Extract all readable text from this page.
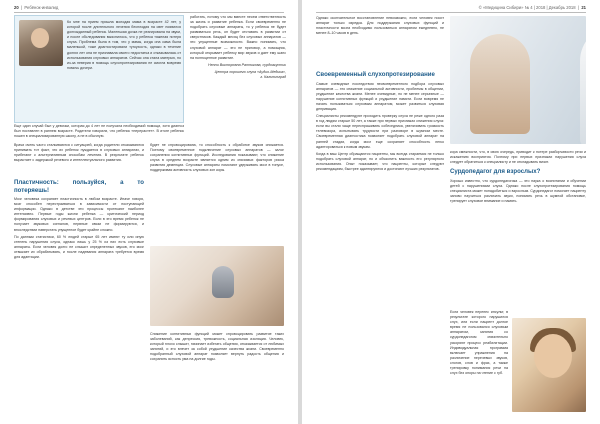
20  |  Ребёнок-инвалид

Ко мне на прием пришла молодая мама в возрасте 42 лет, у которой после длительного лечения бесплодия на свет появился долгожданный ребенок. Маленькая дочка не реагировала на звуки, и после обследования выяснилось, что у ребенка тяжелая потеря слуха. Проблема была в том, что у мамы, когда она сама была маленькой, тоже диагностировали тугоухость, однако в течение долгих лет она не признавала своего недостатка и отказывалась от использования слуховых аппаратов. Сейчас она стала матерью, но из-за неверия в помощь слухопротезирования не смогла вовремя помочь дочери.

Еще один случай был у девочки, которая до 4 лет не получала необходимой помощи, хотя диагноз был поставлен в раннем возрасте. Родители говорили, что ребенок «перерастет». В итоге ребенок пошел в специализированную школу, а не в обычную.

работать, потому что мы вместе несем ответственность за жизнь и развитие ребенка. Если своевременно не подобрать слуховые аппараты, то у ребенка не будет развиваться речь, он будет отставать в развитии от сверстников. Каждый месяц без слуховых аппаратов — это упущенные возможности. Важно понимать, что слуховой аппарат — это не приговор, а помощник, который открывает ребенку мир звуков и дает ему шанс на полноценное развитие.

Нелли Викторовна Ратникова, сурдоакустик

Центра хорошего слуха «Аудио-Медика»,

г. Калининград

Врачи очень часто сталкиваются с ситуацией, когда родители отказываются принимать тот факт, что их ребенок нуждается в слуховых аппаратах, и прибегают к альтернативным способам лечения. В результате ребенок вырастает с задержкой речевого и интеллектуального развития.

Пластичность: пользуйся, а то потеряешь!

Мозг человека сохраняет пластичность в любом возрасте. Иначе говоря, мозг способен перестраиваться в зависимости от поступающей информации. Однако в детстве эти процессы протекают наиболее интенсивно. Первые годы жизни ребенка — критический период формирования слуховых и речевых центров. Если в это время ребенок не получает звуковых сигналов, нервные связи не формируются, и впоследствии наверстать упущенное будет крайне сложно.

По данным статистики, 60 % людей старше 65 лет имеют ту или иную степень нарушения слуха, однако лишь у 25 % из них есть слуховые аппараты. Если человек долго не слышит определенных звуков, его мозг отвыкает их обрабатывать, и после надевания аппарата требуется время для адаптации.

будет не спровоцирована, то способность к обработке звуков снижается. Поэтому своевременное подключение слуховых аппаратов — залог сохранения когнитивных функций. Исследования показывают, что снижение слуха в среднем возрасте является одним из значимых факторов риска развития деменции. Слуховые аппараты помогают удерживать мозг в тонусе, поддерживая активность слуховых зон коры.

Снижение когнитивных функций может спровоцировать развитие таких заболеваний, как депрессия, тревожность, социальная изоляция. Человек, который плохо слышит, начинает избегать общения, отказывается от любимых занятий, и это влечет за собой ухудшение качества жизни. Своевременно подобранный слуховой аппарат позволяет вернуть радость общения и сохранить ясность ума на долгие годы.

© «Медицина Сибири» № 4 | 2018 | Декабрь 2018  |  21

Однако окончательное восстановление невозможно, если человек носит аппарат только изредка. Для поддержания слуховых функций и пластичности мозга необходимо пользоваться аппаратом ежедневно, не менее 8–10 часов в день.

Своевременный слухопротезирование

Самые очевидные последствия несвоевременного подбора слуховых аппаратов — это снижение социальной активности, проблемы в общении, ухудшение качества жизни. Менее очевидные, но не менее серьезные — нарушение когнитивных функций и ухудшение памяти. Если вовремя не начать пользоваться слуховым аппаратом, может развиться слуховая депривация.

Специалисты рекомендуют проходить проверку слуха не реже одного раза в год людям старше 50 лет, а также при первых признаках снижения слуха: если вы стали чаще переспрашивать собеседника, увеличивать громкость телевизора, испытывать трудности при разговоре в шумном месте. Своевременная диагностика позволяет подобрать слуховой аппарат на ранней стадии, когда мозг еще сохраняет способность легко адаптироваться к новым звукам.

Когда в ваш Центр обращаются пациенты, мы всегда стараемся не только подобрать слуховой аппарат, но и объяснить важность его регулярного использования. Опыт показывает, что пациенты, которые следуют рекомендациям, быстрее адаптируются и достигают лучших результатов.

кора смежности, что, в свою очередь, приводит к потере разборчивости речи и искажению восприятия. Поэтому при первых признаках нарушения слуха следует обратиться к специалисту и не откладывать визит.

Сурдопедагог для взрослых?

Хорошо известно, что сурдопедагогика — это наука о воспитании и обучении детей с нарушениями слуха. Однако после слухопротезирования помощь специалиста может понадобиться и взрослым. Сурдопедагог помогает пациенту заново научиться различать звуки, понимать речь в шумной обстановке, тренирует слуховое внимание и память.

Если человек перенес инсульт, в результате которого нарушился слух, или если пациент долгое время не пользовался слуховым аппаратом, занятия со сурдопедагогом значительно ускоряют процесс реабилитации. Индивидуальная программа включает упражнения на различение неречевых звуков, слогов, слов и фраз, а также тренировку понимания речи на слух без опоры на чтение с губ.
